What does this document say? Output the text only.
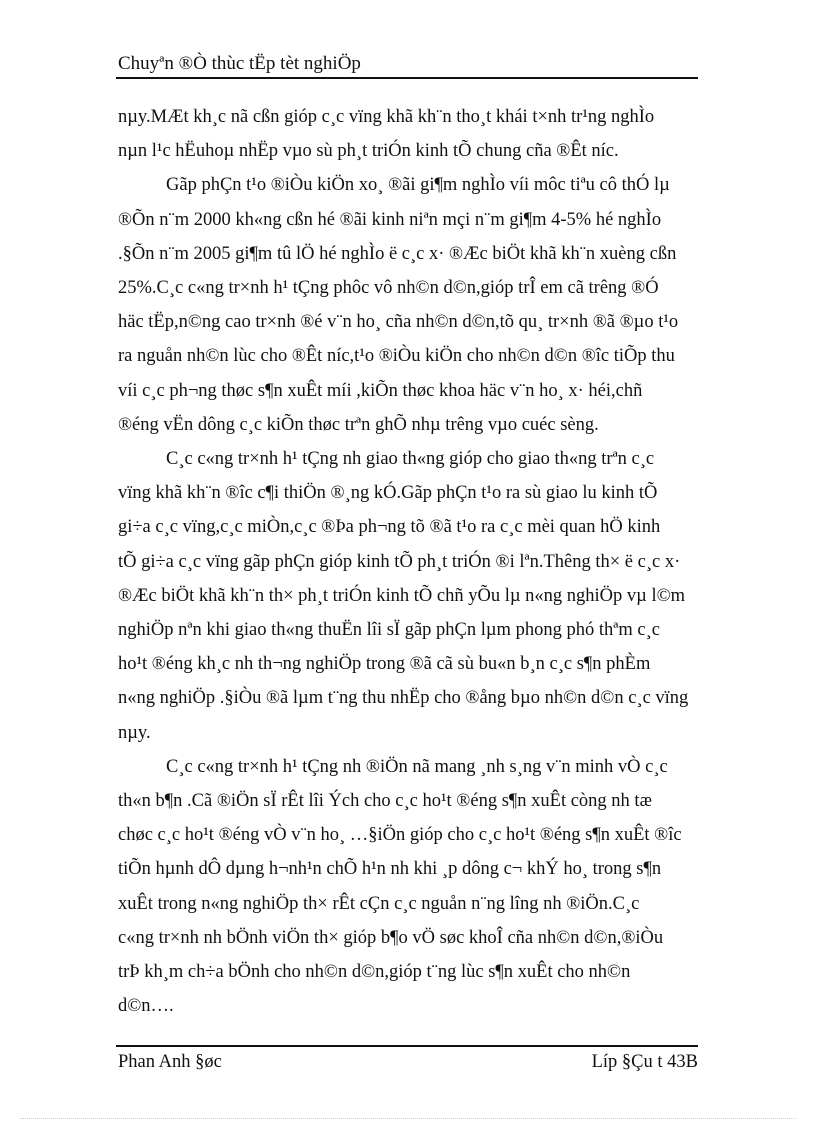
Chuyªn ®Ò thùc tËp tèt nghiÖp
nµy.MÆt kh¸c nã cßn gióp c¸c vïng khã kh¨n tho¸t khái t×nh tr¹ng nghÌo
nµn l¹c hËuhoµ nhËp vµo sù ph¸t triÓn kinh tÕ chung cña ®Êt níc.
Gãp phÇn t¹o ®iÒu kiÖn xo¸ ®ãi gi¶m nghÌo víi môc tiªu cô thÓ lµ
®Õn n¨m 2000 kh«ng cßn hé ®ãi kinh niªn mçi n¨m gi¶m 4-5% hé nghÌo
.§Õn n¨m 2005 gi¶m tû lÖ hé nghÌo ë c¸c x· ®Æc biÖt khã kh¨n xuèng cßn
25%.C¸c c«ng tr×nh h¹ tÇng phôc vô nh©n d©n,gióp trÎ em cã trêng ®Ó
häc tËp,n©ng cao tr×nh ®é v¨n ho¸ cña nh©n d©n,tõ qu¸ tr×nh ®ã ®µo t¹o
ra nguån nh©n lùc cho ®Êt níc,t¹o ®iÒu kiÖn cho nh©n d©n ®îc tiÕp thu
víi c¸c ph¬ng thøc s¶n xuÊt míi ,kiÕn thøc khoa häc v¨n ho¸ x· héi,chñ
®éng vËn dông c¸c kiÕn thøc trªn ghÕ nhµ trêng vµo cuéc sèng.
C¸c c«ng tr×nh h¹ tÇng nh giao th«ng gióp cho giao th«ng trªn c¸c
vïng khã kh¨n ®îc c¶i thiÖn ®¸ng kÓ.Gãp phÇn t¹o ra sù giao lu kinh tÕ
gi÷a c¸c vïng,c¸c miÒn,c¸c ®Þa ph¬ng tõ ®ã t¹o ra c¸c mèi quan hÖ kinh
tÕ gi÷a c¸c vïng gãp phÇn gióp kinh tÕ ph¸t triÓn ®i lªn.Thêng th× ë c¸c x·
®Æc biÖt khã kh¨n th× ph¸t triÓn kinh tÕ chñ yÕu lµ n«ng nghiÖp vµ l©m
nghiÖp nªn khi giao th«ng thuËn lîi sÏ gãp phÇn lµm phong phó thªm c¸c
ho¹t ®éng kh¸c nh th¬ng nghiÖp trong ®ã cã sù bu«n b¸n c¸c s¶n phÈm
n«ng nghiÖp .§iÒu ®ã lµm t¨ng thu nhËp cho ®ång bµo nh©n d©n c¸c vïng
nµy.
C¸c c«ng tr×nh h¹ tÇng nh ®iÖn nã mang ¸nh s¸ng v¨n minh vÒ c¸c
th«n b¶n .Cã ®iÖn sÏ rÊt lîi Ých cho c¸c ho¹t ®éng s¶n xuÊt còng nh tæ
chøc c¸c ho¹t ®éng vÒ v¨n ho¸ …§iÖn gióp cho c¸c ho¹t ®éng s¶n xuÊt ®îc
tiÕn hµnh dÔ dµng h¬nh¹n chÕ h¹n nh khi ¸p dông c¬ khÝ ho¸ trong s¶n
xuÊt trong n«ng nghiÖp th× rÊt cÇn c¸c nguån n¨ng lîng nh ®iÖn.C¸c
c«ng tr×nh nh bÖnh viÖn th× gióp b¶o vÖ søc khoÎ cña nh©n d©n,®iÒu
trÞ kh¸m ch÷a bÖnh cho nh©n d©n,gióp t¨ng lùc s¶n xuÊt cho nh©n
d©n….
Phan Anh §øc	Líp §Çu t 43B
